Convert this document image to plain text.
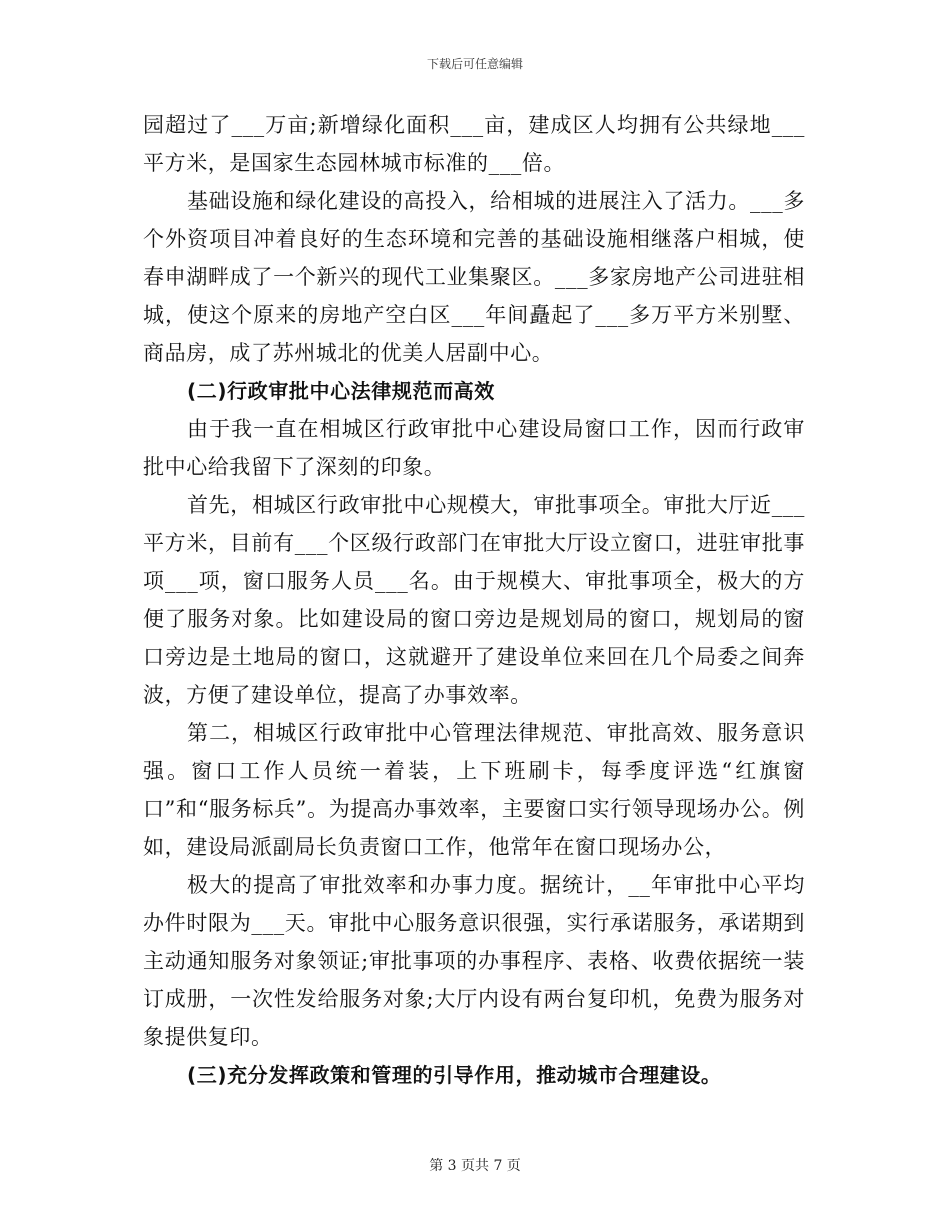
下载后可任意编辑

园超过了___万亩;新增绿化面积___亩，建成区人均拥有公共绿地___平方米，是国家生态园林城市标准的___倍。

基础设施和绿化建设的高投入，给相城的进展注入了活力。___多个外资项目冲着良好的生态环境和完善的基础设施相继落户相城，使春申湖畔成了一个新兴的现代工业集聚区。___多家房地产公司进驻相城，使这个原来的房地产空白区___年间矗起了___多万平方米别墅、商品房，成了苏州城北的优美人居副中心。

(二)行政审批中心法律规范而高效

由于我一直在相城区行政审批中心建设局窗口工作，因而行政审批中心给我留下了深刻的印象。

首先，相城区行政审批中心规模大，审批事项全。审批大厅近___平方米，目前有___个区级行政部门在审批大厅设立窗口，进驻审批事项___项，窗口服务人员___名。由于规模大、审批事项全，极大的方便了服务对象。比如建设局的窗口旁边是规划局的窗口，规划局的窗口旁边是土地局的窗口，这就避开了建设单位来回在几个局委之间奔波，方便了建设单位，提高了办事效率。

第二，相城区行政审批中心管理法律规范、审批高效、服务意识强。窗口工作人员统一着装，上下班刷卡，每季度评选“红旗窗口”和“服务标兵”。为提高办事效率，主要窗口实行领导现场办公。例如，建设局派副局长负责窗口工作，他常年在窗口现场办公，

极大的提高了审批效率和办事力度。据统计，__年审批中心平均办件时限为___天。审批中心服务意识很强，实行承诺服务，承诺期到主动通知服务对象领证;审批事项的办事程序、表格、收费依据统一装订成册，一次性发给服务对象;大厅内设有两台复印机，免费为服务对象提供复印。

(三)充分发挥政策和管理的引导作用，推动城市合理建设。

第 3 页共 7 页
